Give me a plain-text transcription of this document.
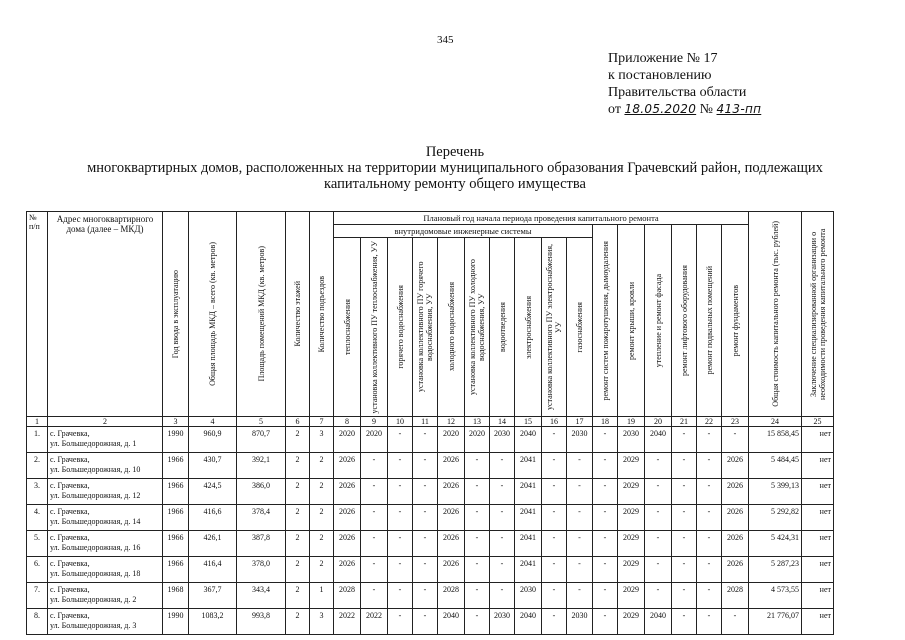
345
Приложение № 17
к постановлению
Правительства области
от 18.05.2020 № 413-пп
Перечень
многоквартирных домов, расположенных на территории муниципального образования Грачевский район, подлежащих
капитальному ремонту общего имущества
№ п/п	Адрес многоквартирного дома (далее – МКД)	Год ввода в эксплуатацию	Общая площадь МКД – всего (кв. метров)	Площадь помещений МКД (кв. метров)	Количество этажей	Количество подъездов	Плановый год начала периода проведения капитального ремонта																Общая стоимость капитального ремонта (тыс. рублей)	Заключение специализированной организации о необходимости проведения капитального ремонта

							внутридомовые инженерные системы										ремонт систем пожаротушения, дымоудаления	ремонт крыши, кровли	утепление и ремонт фасада	ремонт лифтового оборудования	ремонт подвальных помещений	ремонт фундаментов		

							теплоснабжения	установка коллективного ПУ теплоснабжения, УУ	горячего водоснабжения	установка коллективного ПУ горячего водоснабжения, УУ	холодного водоснабжения	установка коллективного ПУ холодного водоснабжения, УУ	водоотведения	электроснабжения	установка коллективного ПУ электроснабжения, УУ	газоснабжения								

1	2	3	4	5	6	7	8	9	10	11	12	13	14	15	16	17	18	19	20	21	22	23	24	25
1.	с. Грачевка,
ул. Большедорожная, д. 1	1990	960,9	870,7	2	3	2020	2020	-	-	2020	2020	2030	2040	-	2030	-	2030	2040	-	-	-	15 858,45	нет
2.	с. Грачевка,
ул. Большедорожная, д. 10	1966	430,7	392,1	2	2	2026	-	-	-	2026	-	-	2041	-	-	-	2029	-	-	-	2026	5 484,45	нет
3.	с. Грачевка,
ул. Большедорожная, д. 12	1966	424,5	386,0	2	2	2026	-	-	-	2026	-	-	2041	-	-	-	2029	-	-	-	2026	5 399,13	нет
4.	с. Грачевка,
ул. Большедорожная, д. 14	1966	416,6	378,4	2	2	2026	-	-	-	2026	-	-	2041	-	-	-	2029	-	-	-	2026	5 292,82	нет
5.	с. Грачевка,
ул. Большедорожная, д. 16	1966	426,1	387,8	2	2	2026	-	-	-	2026	-	-	2041	-	-	-	2029	-	-	-	2026	5 424,31	нет
6.	с. Грачевка,
ул. Большедорожная, д. 18	1966	416,4	378,0	2	2	2026	-	-	-	2026	-	-	2041	-	-	-	2029	-	-	-	2026	5 287,23	нет
7.	с. Грачевка,
ул. Большедорожная, д. 2	1968	367,7	343,4	2	1	2028	-	-	-	2028	-	-	2030	-	-	-	2029	-	-	-	2028	4 573,55	нет
8.	с. Грачевка,
ул. Большедорожная, д. 3	1990	1083,2	993,8	2	3	2022	2022	-	-	2040	-	2030	2040	-	2030	-	2029	2040	-	-	-	21 776,07	нет
